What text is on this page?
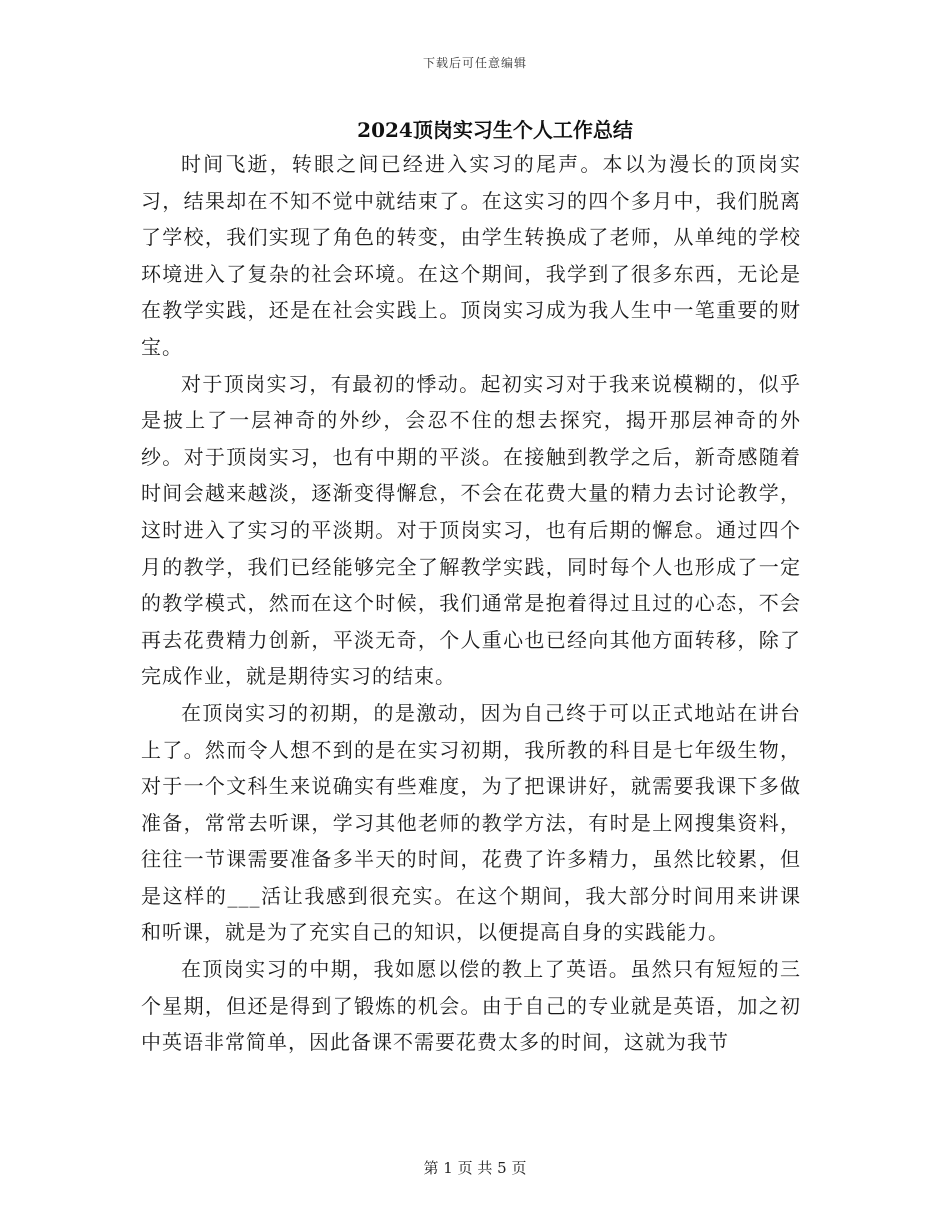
下载后可任意编辑
2024顶岗实习生个人工作总结

时间飞逝，转眼之间已经进入实习的尾声。本以为漫长的顶岗实习，结果却在不知不觉中就结束了。在这实习的四个多月中，我们脱离了学校，我们实现了角色的转变，由学生转换成了老师，从单纯的学校环境进入了复杂的社会环境。在这个期间，我学到了很多东西，无论是在教学实践，还是在社会实践上。顶岗实习成为我人生中一笔重要的财宝。

对于顶岗实习，有最初的悸动。起初实习对于我来说模糊的，似乎是披上了一层神奇的外纱，会忍不住的想去探究，揭开那层神奇的外纱。对于顶岗实习，也有中期的平淡。在接触到教学之后，新奇感随着时间会越来越淡，逐渐变得懈怠，不会在花费大量的精力去讨论教学，这时进入了实习的平淡期。对于顶岗实习，也有后期的懈怠。通过四个月的教学，我们已经能够完全了解教学实践，同时每个人也形成了一定的教学模式，然而在这个时候，我们通常是抱着得过且过的心态，不会再去花费精力创新，平淡无奇，个人重心也已经向其他方面转移，除了完成作业，就是期待实习的结束。

在顶岗实习的初期，的是激动，因为自己终于可以正式地站在讲台上了。然而令人想不到的是在实习初期，我所教的科目是七年级生物，对于一个文科生来说确实有些难度，为了把课讲好，就需要我课下多做准备，常常去听课，学习其他老师的教学方法，有时是上网搜集资料，往往一节课需要准备多半天的时间，花费了许多精力，虽然比较累，但是这样的___活让我感到很充实。在这个期间，我大部分时间用来讲课和听课，就是为了充实自己的知识，以便提高自身的实践能力。

在顶岗实习的中期，我如愿以偿的教上了英语。虽然只有短短的三个星期，但还是得到了锻炼的机会。由于自己的专业就是英语，加之初中英语非常简单，因此备课不需要花费太多的时间，这就为我节

第 1 页 共 5 页
